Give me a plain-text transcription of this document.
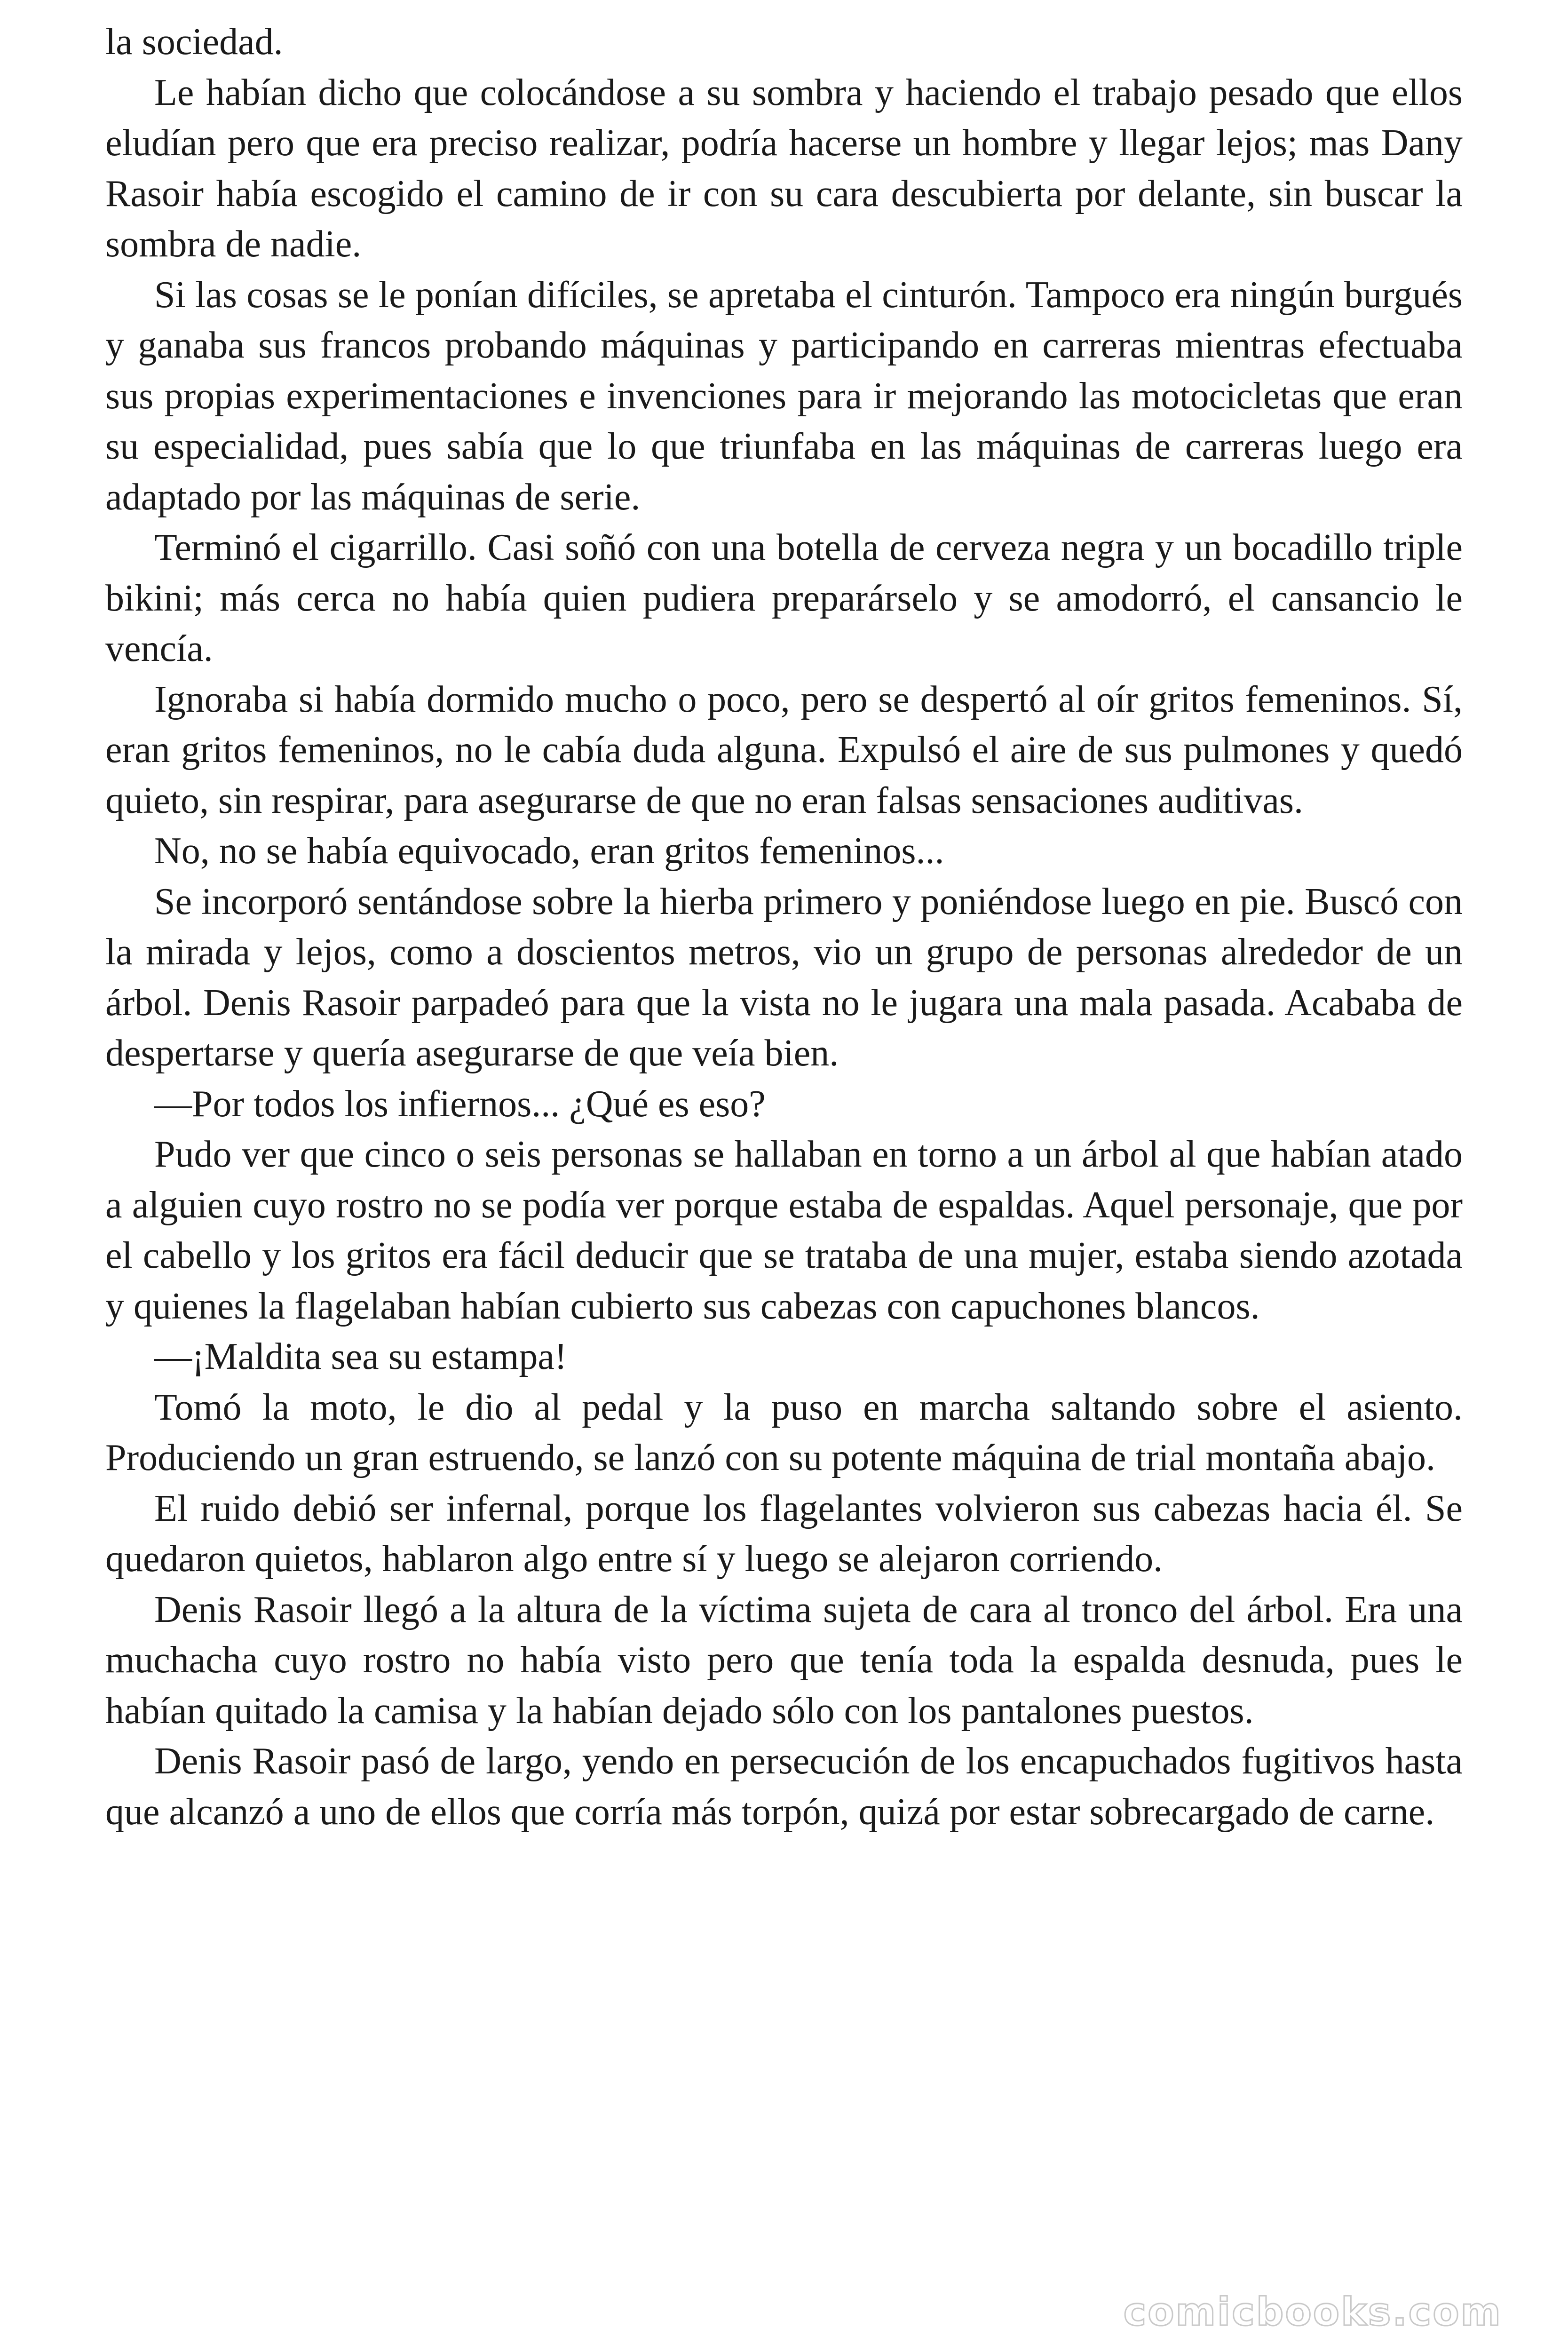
la sociedad.

Le habían dicho que colocándose a su sombra y haciendo el trabajo pesado que ellos eludían pero que era preciso realizar, podría hacerse un hombre y llegar lejos; mas Dany Rasoir había escogido el camino de ir con su cara descubierta por delante, sin buscar la sombra de nadie.

Si las cosas se le ponían difíciles, se apretaba el cinturón. Tampoco era ningún burgués y ganaba sus francos probando máquinas y participando en carreras mientras efectuaba sus propias experimentaciones e invenciones para ir mejorando las motocicletas que eran su especialidad, pues sabía que lo que triunfaba en las máquinas de carreras luego era adaptado por las máquinas de serie.

Terminó el cigarrillo. Casi soñó con una botella de cerveza negra y un bocadillo triple bikini; más cerca no había quien pudiera preparárselo y se amodorró, el cansancio le vencía.

Ignoraba si había dormido mucho o poco, pero se despertó al oír gritos femeninos. Sí, eran gritos femeninos, no le cabía duda alguna. Expulsó el aire de sus pulmones y quedó quieto, sin respirar, para asegurarse de que no eran falsas sensaciones auditivas.

No, no se había equivocado, eran gritos femeninos...

Se incorporó sentándose sobre la hierba primero y poniéndose luego en pie. Buscó con la mirada y lejos, como a doscientos metros, vio un grupo de personas alrededor de un árbol. Denis Rasoir parpadeó para que la vista no le jugara una mala pasada. Acababa de despertarse y quería asegurarse de que veía bien.

—Por todos los infiernos... ¿Qué es eso?

Pudo ver que cinco o seis personas se hallaban en torno a un árbol al que habían atado a alguien cuyo rostro no se podía ver porque estaba de espaldas. Aquel personaje, que por el cabello y los gritos era fácil deducir que se trataba de una mujer, estaba siendo azotada y quienes la flagelaban habían cubierto sus cabezas con capuchones blancos.

—¡Maldita sea su estampa!

Tomó la moto, le dio al pedal y la puso en marcha saltando sobre el asiento. Produciendo un gran estruendo, se lanzó con su potente máquina de trial montaña abajo.

El ruido debió ser infernal, porque los flagelantes volvieron sus cabezas hacia él. Se quedaron quietos, hablaron algo entre sí y luego se alejaron corriendo.

Denis Rasoir llegó a la altura de la víctima sujeta de cara al tronco del árbol. Era una muchacha cuyo rostro no había visto pero que tenía toda la espalda desnuda, pues le habían quitado la camisa y la habían dejado sólo con los pantalones puestos.

Denis Rasoir pasó de largo, yendo en persecución de los encapuchados fugitivos hasta que alcanzó a uno de ellos que corría más torpón, quizá por estar sobrecargado de carne.

comicbooks.com
